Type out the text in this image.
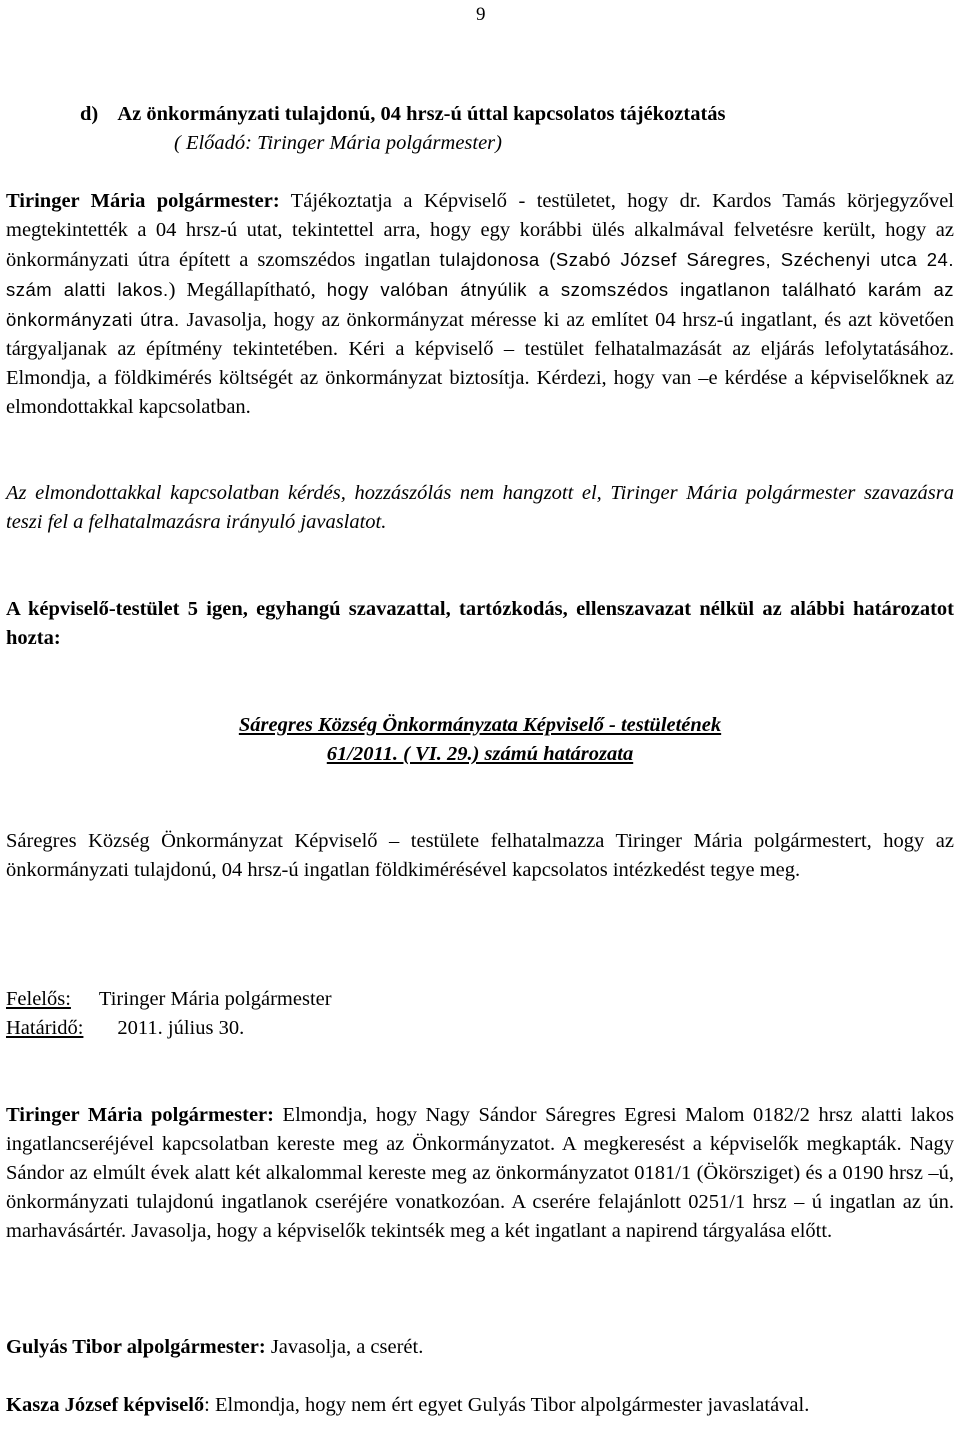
9
d) Az önkormányzati tulajdonú, 04 hrsz-ú úttal kapcsolatos tájékoztatás
( Előadó: Tiringer Mária polgármester)

Tiringer Mária polgármester: Tájékoztatja a Képviselő - testületet, hogy dr. Kardos Tamás körjegyzővel megtekintették a 04 hrsz-ú utat, tekintettel arra, hogy egy korábbi ülés alkalmával felvetésre került, hogy az önkormányzati útra épített a szomszédos ingatlan tulajdonosa (Szabó József Sáregres, Széchenyi utca 24. szám alatti lakos.) Megállapítható, hogy valóban átnyúlik a szomszédos ingatlanon található karám az önkormányzati útra. Javasolja, hogy az önkormányzat méresse ki az említet 04 hrsz-ú ingatlant, és azt követően tárgyaljanak az építmény tekintetében. Kéri a képviselő – testület felhatalmazását az eljárás lefolytatásához. Elmondja, a földkimérés költségét az önkormányzat biztosítja. Kérdezi, hogy van –e kérdése a képviselőknek az elmondottakkal kapcsolatban.

Az elmondottakkal kapcsolatban kérdés, hozzászólás nem hangzott el, Tiringer Mária polgármester szavazásra teszi fel a felhatalmazásra irányuló javaslatot.

A képviselő-testület 5 igen, egyhangú szavazattal, tartózkodás, ellenszavazat nélkül az alábbi határozatot hozta:

Sáregres Község Önkormányzata Képviselő - testületének
61/2011. ( VI. 29.) számú határozata

Sáregres Község Önkormányzat Képviselő – testülete felhatalmazza Tiringer Mária polgármestert, hogy az önkormányzati tulajdonú, 04 hrsz-ú ingatlan földkimérésével kapcsolatos intézkedést tegye meg.

Felelős: Tiringer Mária polgármester
Határidő: 2011. július 30.

Tiringer Mária polgármester: Elmondja, hogy Nagy Sándor Sáregres Egresi Malom 0182/2 hrsz alatti lakos ingatlancseréjével kapcsolatban kereste meg az Önkormányzatot. A megkeresést a képviselők megkapták. Nagy Sándor az elmúlt évek alatt két alkalommal kereste meg az önkormányzatot 0181/1 (Ökörsziget) és a 0190 hrsz –ú, önkormányzati tulajdonú ingatlanok cseréjére vonatkozóan. A cserére felajánlott 0251/1 hrsz – ú ingatlan az ún. marhavásártér. Javasolja, hogy a képviselők tekintsék meg a két ingatlant a napirend tárgyalása előtt.

Gulyás Tibor alpolgármester: Javasolja, a cserét.

Kasza József képviselő: Elmondja, hogy nem ért egyet Gulyás Tibor alpolgármester javaslatával.
